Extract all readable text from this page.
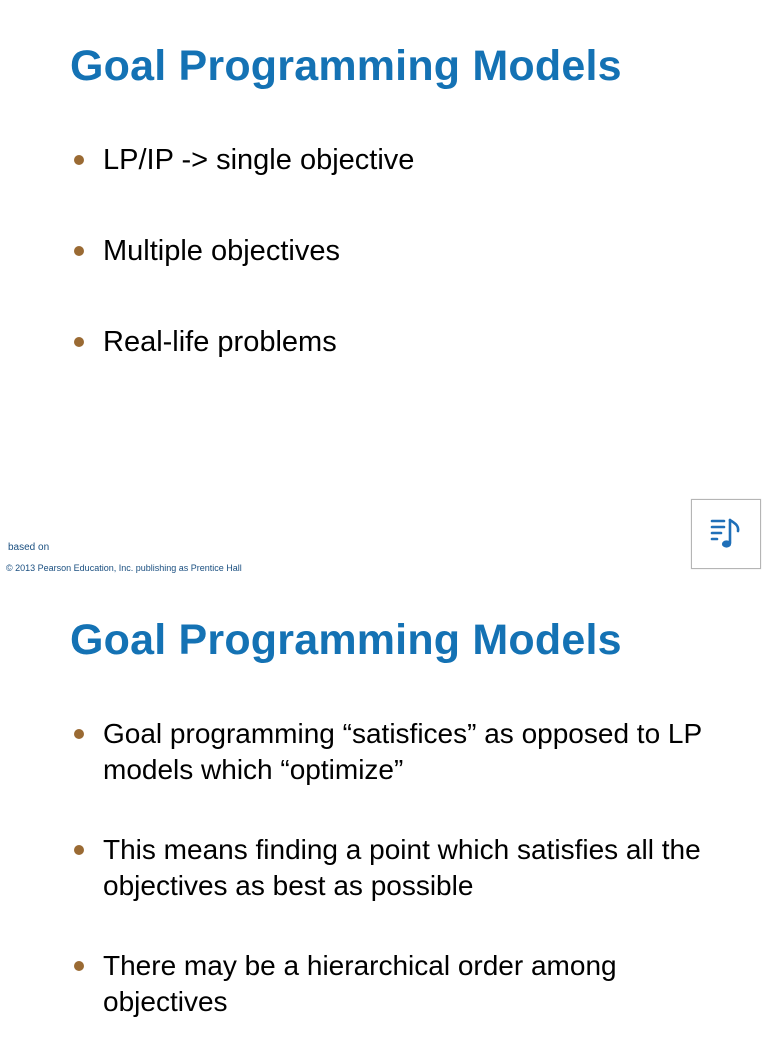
Goal Programming Models
LP/IP -> single objective
Multiple objectives
Real-life problems
based on
© 2013 Pearson Education, Inc. publishing as Prentice Hall
Goal Programming Models
Goal programming “satisfices” as opposed to LP models which “optimize”
This means finding a point which satisfies all the objectives as best as possible
There may be a hierarchical order among objectives
